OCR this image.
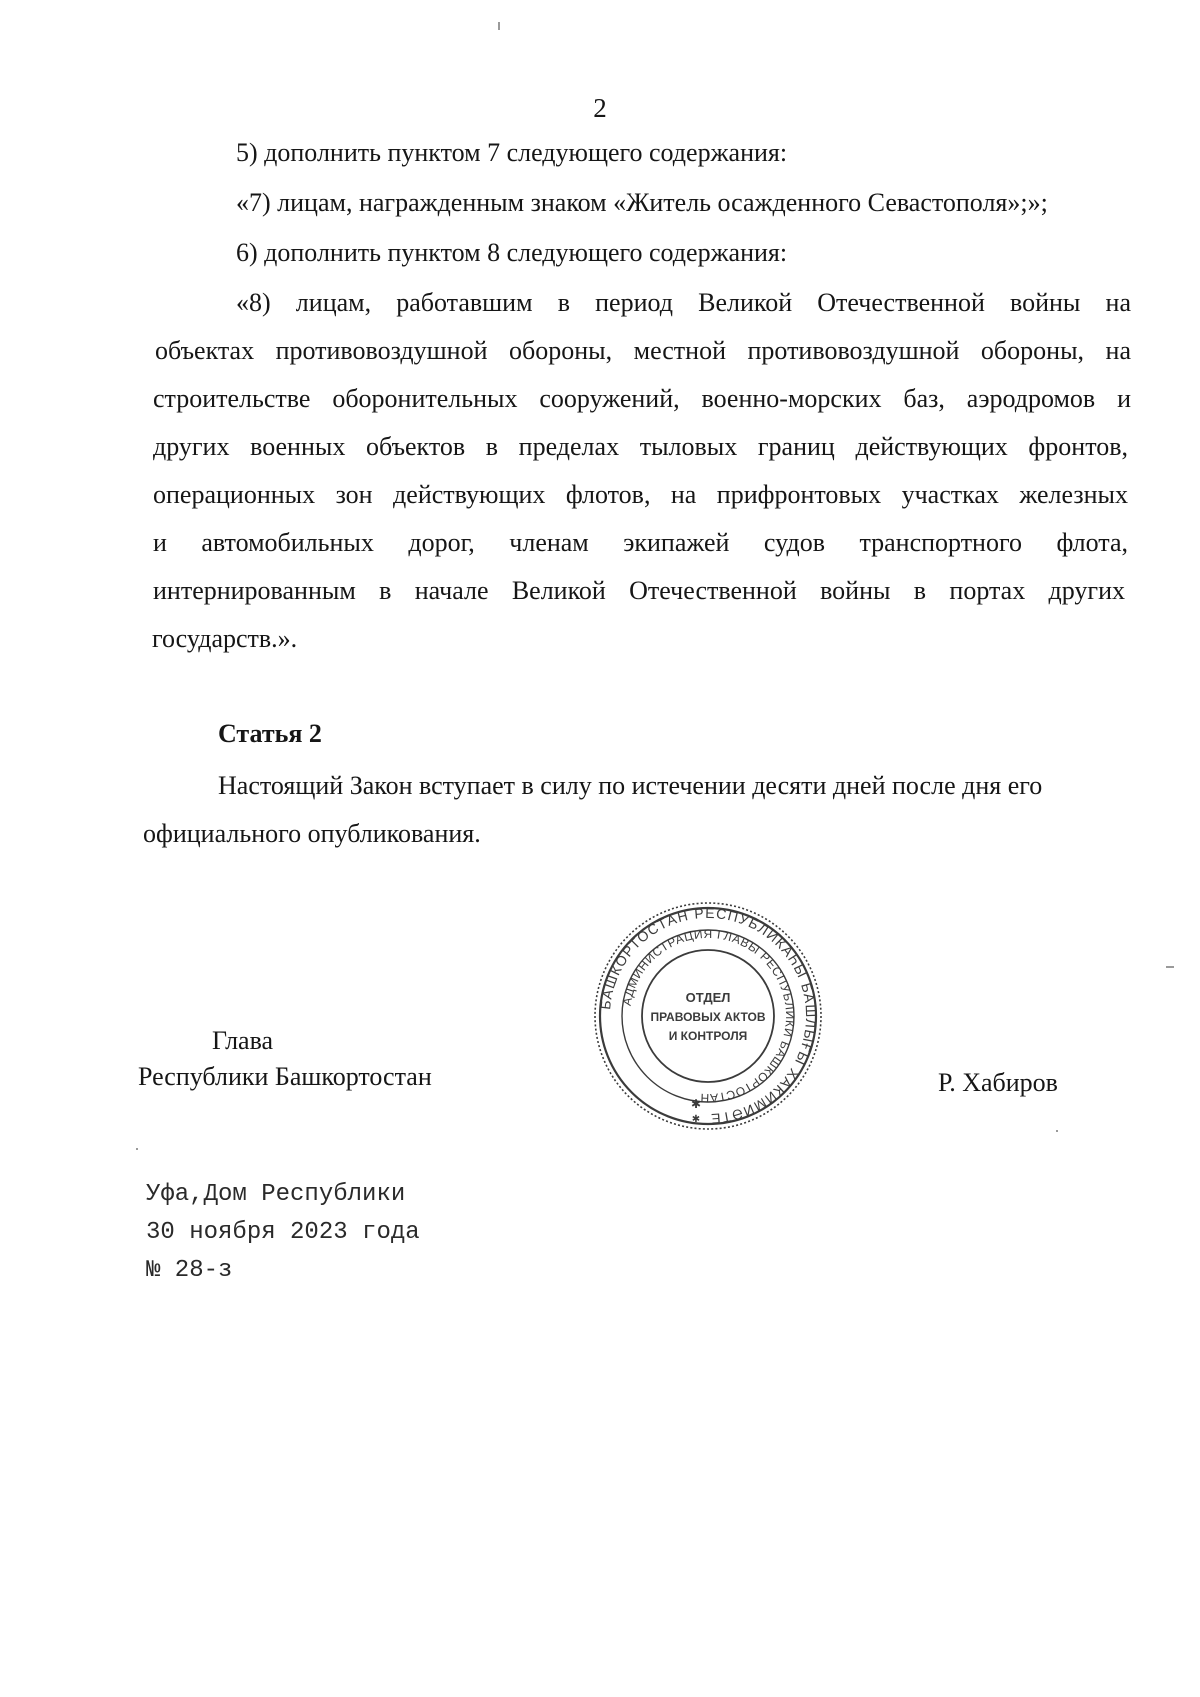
2
5) дополнить пунктом 7 следующего содержания:
«7) лицам, награжденным знаком «Житель осажденного Севастополя»;»;
6) дополнить пунктом 8 следующего содержания:
«8) лицам, работавшим в период Великой Отечественной войны на
объектах противовоздушной обороны, местной противовоздушной обороны, на
строительстве оборонительных сооружений, военно-морских баз, аэродромов и
других военных объектов в пределах тыловых границ действующих фронтов,
операционных зон действующих флотов, на прифронтовых участках железных
и автомобильных дорог, членам экипажей судов транспортного флота,
интернированным в начале Великой Отечественной войны в портах других
государств.».
Статья 2
Настоящий Закон вступает в силу по истечении десяти дней после дня его
официального опубликования.
Глава
Республики Башкортостан	Р. Хабиров
БАШКОРТОСТАН РЕСПУБЛИКАҺЫ БАШЛЫҒЫ ХАКИМИӘТЕ
АДМИНИСТРАЦИЯ ГЛАВЫ РЕСПУБЛИКИ БАШКОРТОСТАН
ОТДЕЛ
ПРАВОВЫХ АКТОВ
И КОНТРОЛЯ
✱
✱
Уфа,Дом Республики
30 ноября 2023 года
№ 28-з
